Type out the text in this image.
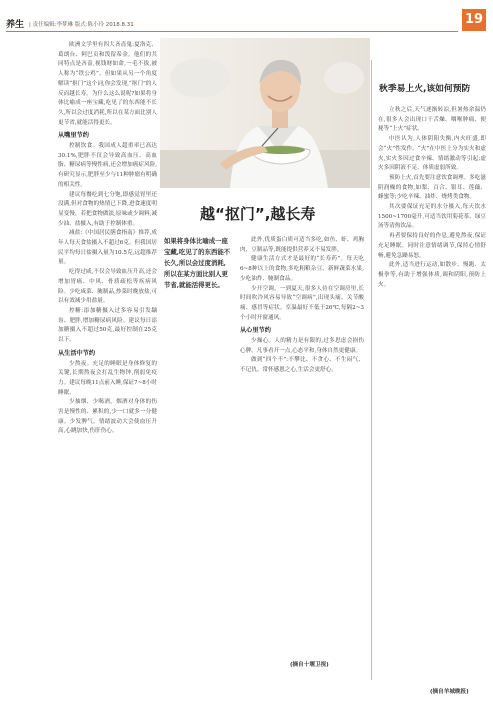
养生 | 责任编辑:李梦琳 版式:陈小玲 2018.8.31	19

欧洲文学里有四大吝啬鬼:夏洛克、葛朗台、阿巴贡和泼留希金。他们的共同特点是吝啬,视钱财如命,一毛不拔,被人称为“铁公鸡”。但如果从另一个角度解读“抠门”这个词,你会发现,“抠门”的人反而越长寿。为什么这么说呢?如果将身体比喻成一座宝藏,吃见了的东西能不长久,所以会过度消耗,所以在某方面比别人更节省,就能活得更长。

从嘴里节约

控制饮食。我国成人超重率已高达30.1%,肥胖不仅会导致高血压、高血脂、糖尿病等慢性病,还会增加癌症风险,有研究显示,肥胖至少与11种肿瘤有明确的相关性。

建议每餐吃到七分饱,即感觉胃里还没满,但对食物的热情已下降,进食速度明显变慢。若把食物做淡,原味或少调料,减少油、盐摄入,有助于控制体重。

减盐:《中国居民膳食指南》推荐,成年人每天食盐摄入不超过6克。但我国居民平均每日盐摄入量为10.5克,远超推荐量。

吃得过咸,不仅会导致血压升高,还会增加胃癌、中风、骨质疏松等疾病风险。少吃咸菜、腌制品,炒菜时晚放盐,可以有效减少用盐量。

控糖:添加糖摄入过多容易引发龋齿、肥胖,增加糖尿病风险。建议每日添加糖摄入不超过50克,最好控制在25克以下。

从生活中节约

少熬夜。充足的睡眠是身体修复的关键,长期熬夜会打乱生物钟,削弱免疫力。建议每晚11点前入睡,保证7~8小时睡眠。

少抽烟、少喝酒。烟酒对身体的伤害是慢性的、累积的,少一口就多一分健康。少发脾气。情绪波动大会使血压升高,心跳加快,伤肝伤心。

越“抠门”,越长寿
如果将身体比喻成一座宝藏,吃见了的东西能不长久,所以会过度消耗,所以在某方面比别人更节省,就能活得更长。

此外,优质蛋白质可适当多吃,如鱼、虾、鸡胸肉、豆制品等,既能提供营养又不易发胖。

健康生活方式才是最好的“长寿药”。每天吃6~8种以上的食物,多吃粗粮杂豆、新鲜蔬菜水果,少吃油炸、腌制食品。

少开空调。一到夏天,很多人待在空调房里,长时间吹冷风容易导致“空调病”,出现头痛、关节酸痛、感冒等症状。室温最好不低于26℃,每隔2~3个小时开窗通风。

从心里节约

少操心。人的精力是有限的,过多思虑会损伤心脾。凡事看开一点,心态平和,身体自然更健康。

做到“四个不”:不攀比、不贪心、不生闷气、不记仇。常怀感恩之心,生活会更舒心。

(摘自十堰卫视)
秋季易上火,该如何预防

立秋之后,天气逐渐转凉,但暑热余温仍在,很多人会出现口干舌燥、咽喉肿痛、便秘等“上火”症状。

中医认为,人体阴阳失衡,内火旺盛,即会“火”性发作。“火”在中医上分为实火和虚火,实火多因过食辛辣、情绪激动等引起;虚火多因阴液不足、体质虚弱所致。

预防上火,首先要注意饮食调理。多吃滋阴润燥的食物,如梨、百合、银耳、莲藕、蜂蜜等;少吃辛辣、油炸、烧烤类食物。

其次要保证充足的水分摄入,每天饮水1500~1700毫升,可适当饮用菊花茶、绿豆汤等清热饮品。

再者要保持良好的作息,避免熬夜,保证充足睡眠。同时注意情绪调节,保持心情舒畅,避免急躁易怒。

此外,适当进行运动,如散步、慢跑、太极拳等,有助于增强体质,调和阴阳,预防上火。

(摘自羊城晚报)
